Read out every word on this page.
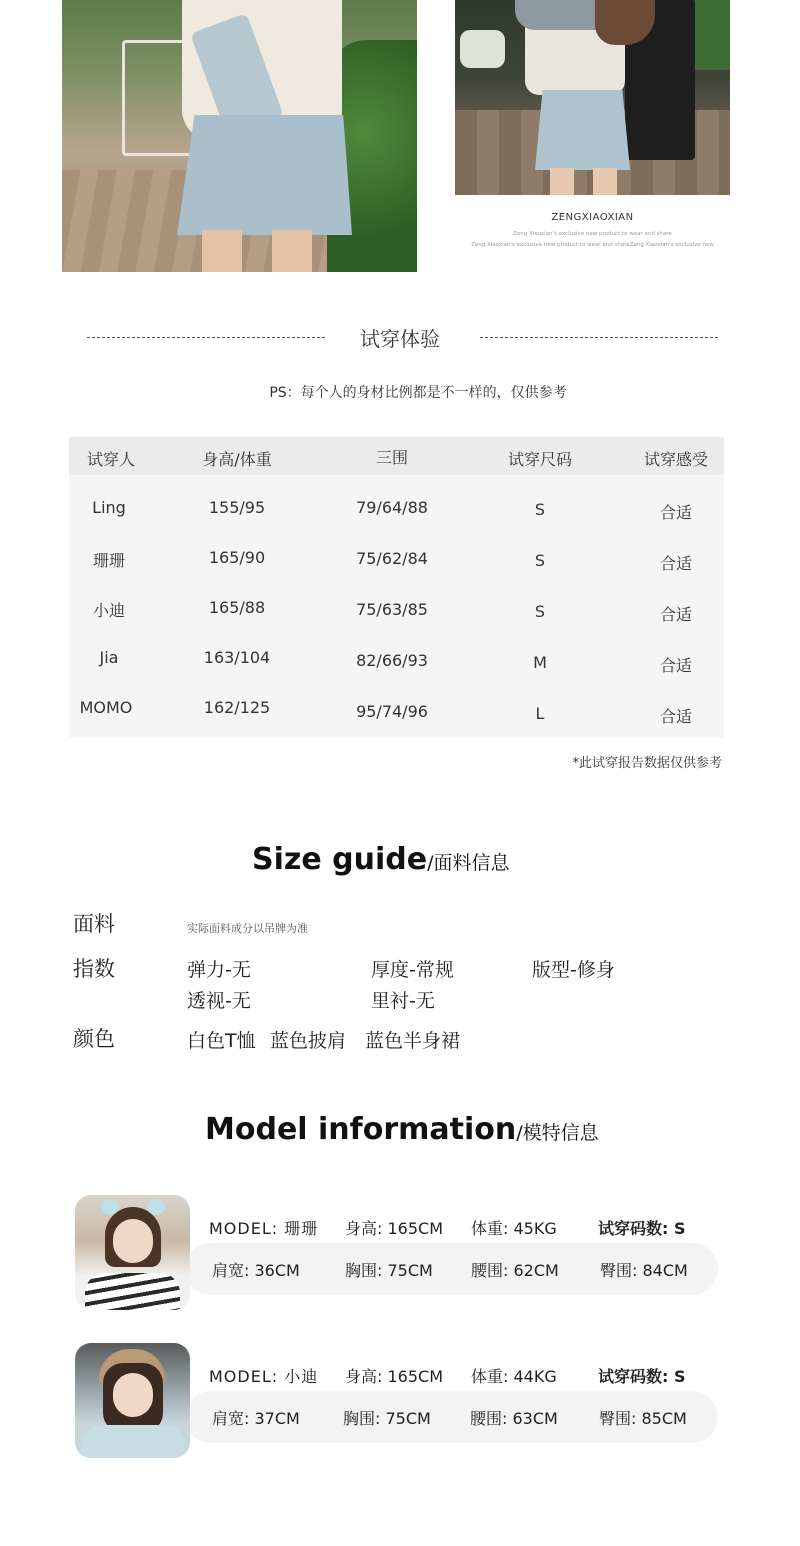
ZENGXIAOXIAN
Zeng Xiaoxian's exclusive new product to wear and share
Zeng Xiaoxian's exclusive new product to wear and shareZeng Xiaoxian's exclusive new
试穿体验
PS：每个人的身材比例都是不一样的，仅供参考
试穿人	身高/体重	三围	试穿尺码	试穿感受
Ling	155/95	79/64/88	S	合适
珊珊	165/90	75/62/84	S	合适
小迪	165/88	75/63/85	S	合适
Jia	163/104	82/66/93	M	合适
MOMO	162/125	95/74/96	L	合适
*此试穿报告数据仅供参考
Size guide/面料信息
面料	实际面料成分以吊牌为准
指数	弹力-无	厚度-常规	版型-修身
透视-无	里衬-无
颜色	白色T恤 蓝色披肩 蓝色半身裙
Model information/模特信息
MODEL: 珊珊 身高: 165CM 体重: 45KG	试穿码数: S
肩宽: 36CM	胸围: 75CM 腰围: 62CM	臀围: 84CM
MODEL: 小迪 身高: 165CM 体重: 44KG	试穿码数: S
肩宽: 37CM	胸围: 75CM 腰围: 63CM	臀围: 85CM
